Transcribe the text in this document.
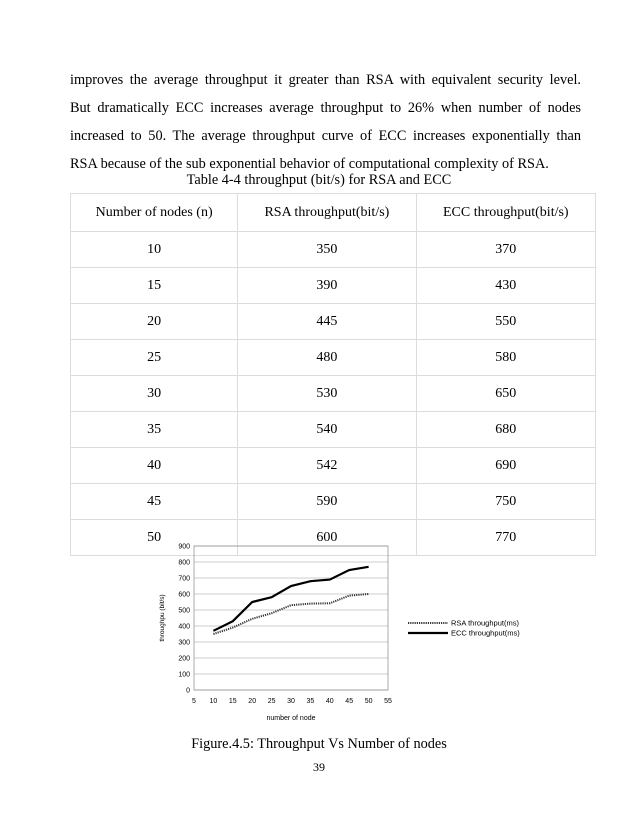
improves the average throughput it greater than RSA with equivalent security level.
But dramatically ECC increases average throughput to 26% when number of nodes
increased to 50. The average throughput curve of ECC increases exponentially than
RSA because of the sub exponential behavior of computational complexity of RSA.
Table 4-4 throughput (bit/s) for RSA and ECC
Number of nodes (n)	RSA throughput(bit/s)	ECC throughput(bit/s)
10	350	370
15	390	430
20	445	550
25	480	580
30	530	650
35	540	680
40	542	690
45	590	750
50	600	770
0
100
200
300
400
500
600
700
800
900
5 10 15 20 25 30 35 40 45 50 55
number of node
throughpu (bit/s)	RSA throughput(ms)
ECC throughput(ms)
Figure.4.5: Throughput Vs Number of nodes
39
